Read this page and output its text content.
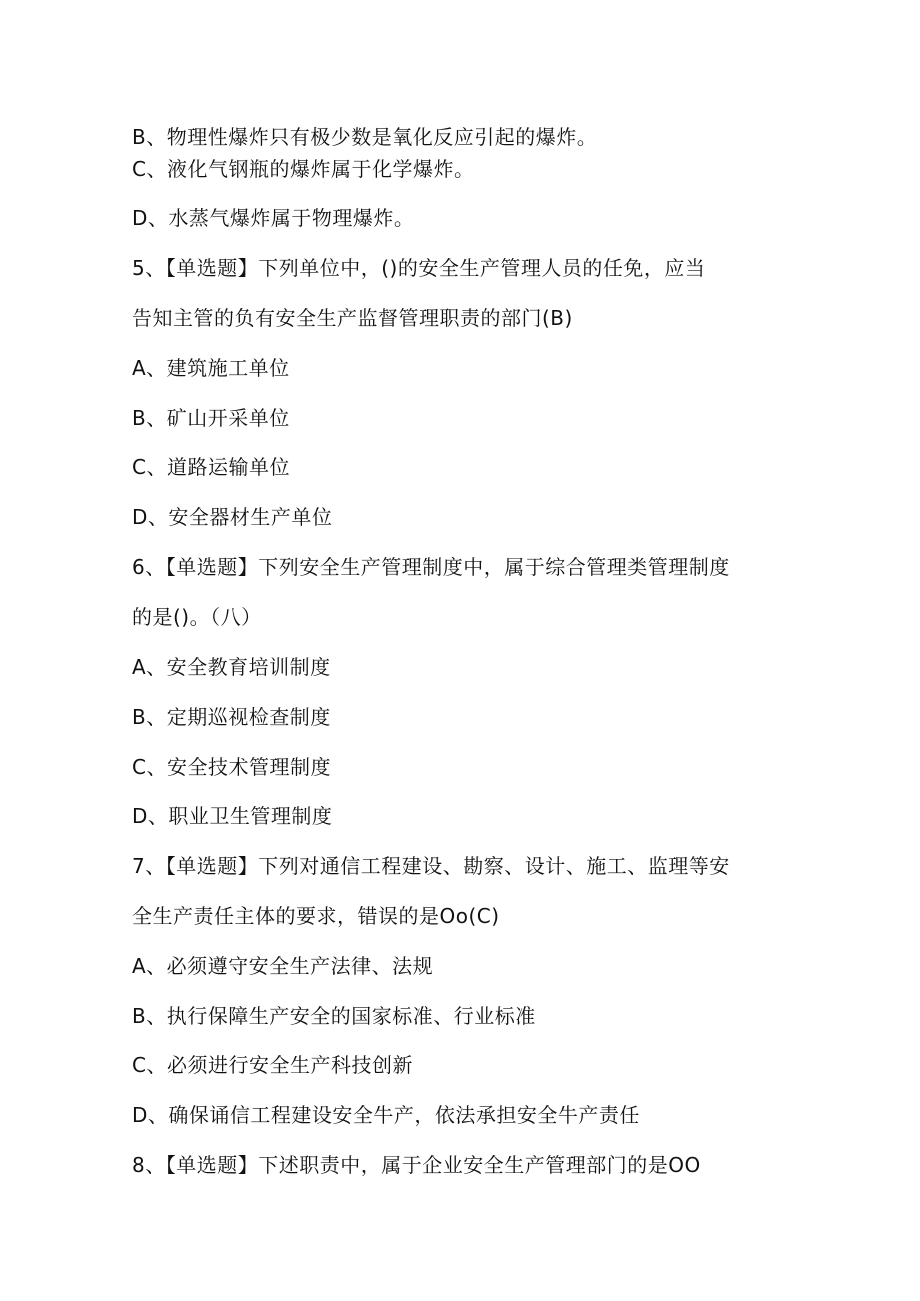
B、物理性爆炸只有极少数是氧化反应引起的爆炸。
C、液化气钢瓶的爆炸属于化学爆炸。
D、水蒸气爆炸属于物理爆炸。
5、【单选题】下列单位中，()的安全生产管理人员的任免，应当
告知主管的负有安全生产监督管理职责的部门(B)
A、建筑施工单位
B、矿山开采单位
C、道路运输单位
D、安全器材生产单位
6、【单选题】下列安全生产管理制度中，属于综合管理类管理制度
的是()。（八）
A、安全教育培训制度
B、定期巡视检查制度
C、安全技术管理制度
D、职业卫生管理制度
7、【单选题】下列对通信工程建设、勘察、设计、施工、监理等安
全生产责任主体的要求，错误的是Oo(C)
A、必须遵守安全生产法律、法规
B、执行保障生产安全的国家标准、行业标准
C、必须进行安全生产科技创新
D、确保诵信工程建设安全牛产，依法承担安全牛产责任
8、【单选题】下述职责中，属于企业安全生产管理部门的是OO
